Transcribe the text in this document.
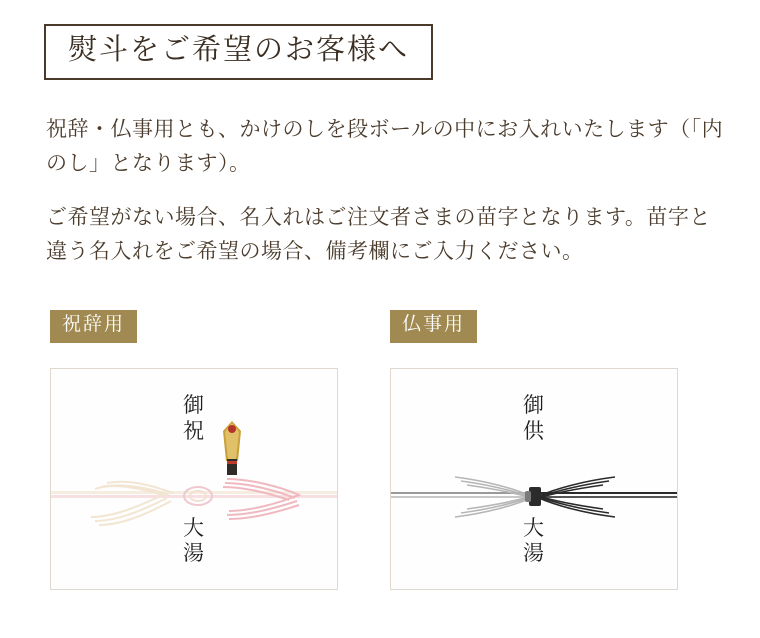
熨斗をご希望のお客様へ

祝辞・仏事用とも、かけのしを段ボールの中にお入れいたします（「内のし」となります）。

ご希望がない場合、名入れはご注文者さまの苗字となります。苗字と違う名入れをご希望の場合、備考欄にご入力ください。

祝辞用	仏事用
御
祝
大
湯
御
供
大
湯
